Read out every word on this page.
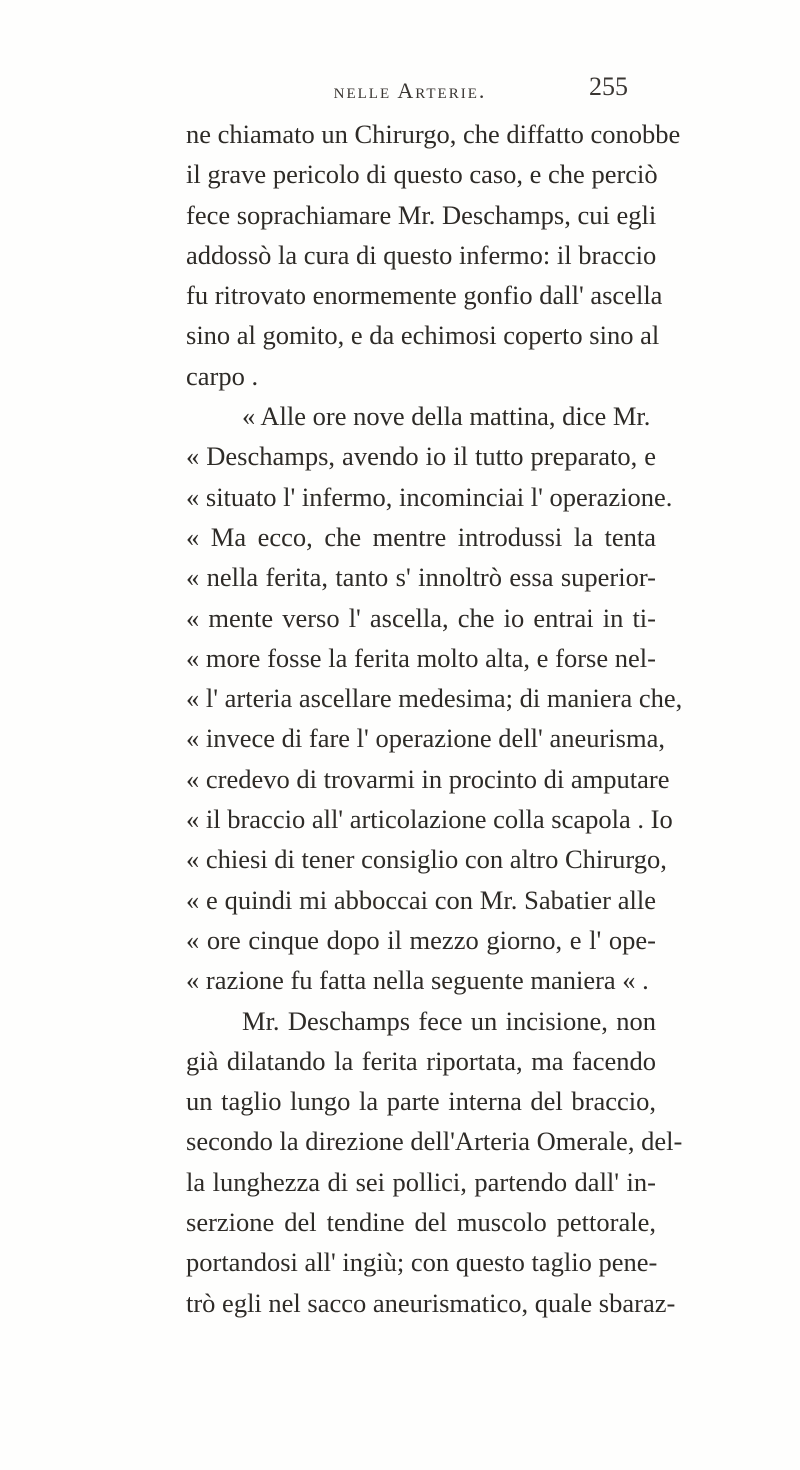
nelle Arterie.	255
ne chiamato un Chirurgo, che diffatto conobbe
il grave pericolo di questo caso, e che perciò
fece soprachiamare Mr. Deschamps, cui egli
addossò la cura di questo infermo: il braccio
fu ritrovato enormemente gonfio dall' ascella
sino al gomito, e da echimosi coperto sino al
carpo .
« Alle ore nove della mattina, dice Mr.
« Deschamps, avendo io il tutto preparato, e
« situato l' infermo, incominciai l' operazione.
« Ma ecco, che mentre introdussi la tenta
« nella ferita, tanto s' innoltrò essa superior-
« mente verso l' ascella, che io entrai in ti-
« more fosse la ferita molto alta, e forse nel-
« l' arteria ascellare medesima; di maniera che,
« invece di fare l' operazione dell' aneurisma,
« credevo di trovarmi in procinto di amputare
« il braccio all' articolazione colla scapola . Io
« chiesi di tener consiglio con altro Chirurgo,
« e quindi mi abboccai con Mr. Sabatier alle
« ore cinque dopo il mezzo giorno, e l' ope-
« razione fu fatta nella seguente maniera « .
Mr. Deschamps fece un incisione, non
già dilatando la ferita riportata, ma facendo
un taglio lungo la parte interna del braccio,
secondo la direzione dell'Arteria Omerale, del-
la lunghezza di sei pollici, partendo dall' in-
serzione del tendine del muscolo pettorale,
portandosi all' ingiù; con questo taglio pene-
trò egli nel sacco aneurismatico, quale sbaraz-
